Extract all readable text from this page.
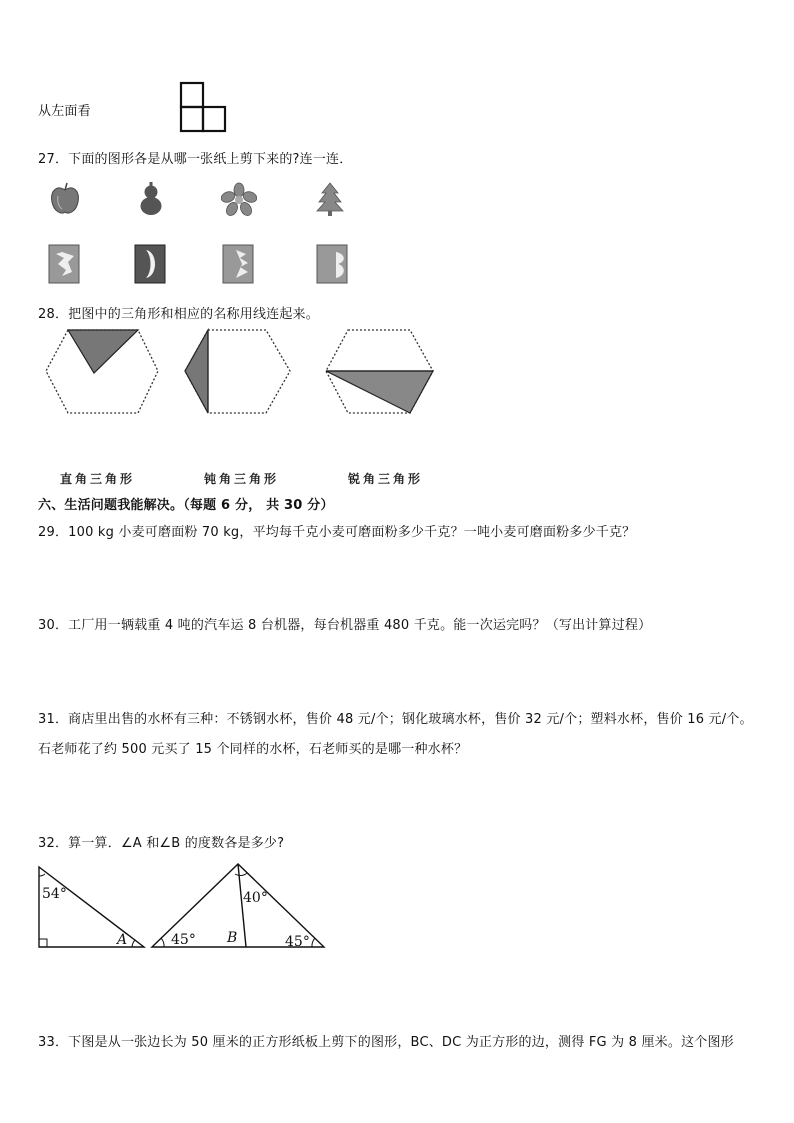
从左面看
27．下面的图形各是从哪一张纸上剪下来的?连一连．
28．把图中的三角形和相应的名称用线连起来。
直角三角形	钝角三角形	锐角三角形
六、生活问题我能解决。（每题 6 分， 共 30 分）
29．100 kg 小麦可磨面粉 70 kg，平均每千克小麦可磨面粉多少千克？一吨小麦可磨面粉多少千克？
30．工厂用一辆载重 4 吨的汽车运 8 台机器，每台机器重 480 千克。能一次运完吗？（写出计算过程）
31．商店里出售的水杯有三种：不锈钢水杯，售价 48 元/个；钢化玻璃水杯，售价 32 元/个；塑料水杯，售价 16 元/个。
石老师花了约 500 元买了 15 个同样的水杯，石老师买的是哪一种水杯？
32．算一算．∠A 和∠B 的度数各是多少?
54°
A
40°
45° B	45°
33．下图是从一张边长为 50 厘米的正方形纸板上剪下的图形，BC、DC 为正方形的边，测得 FG 为 8 厘米。这个图形
